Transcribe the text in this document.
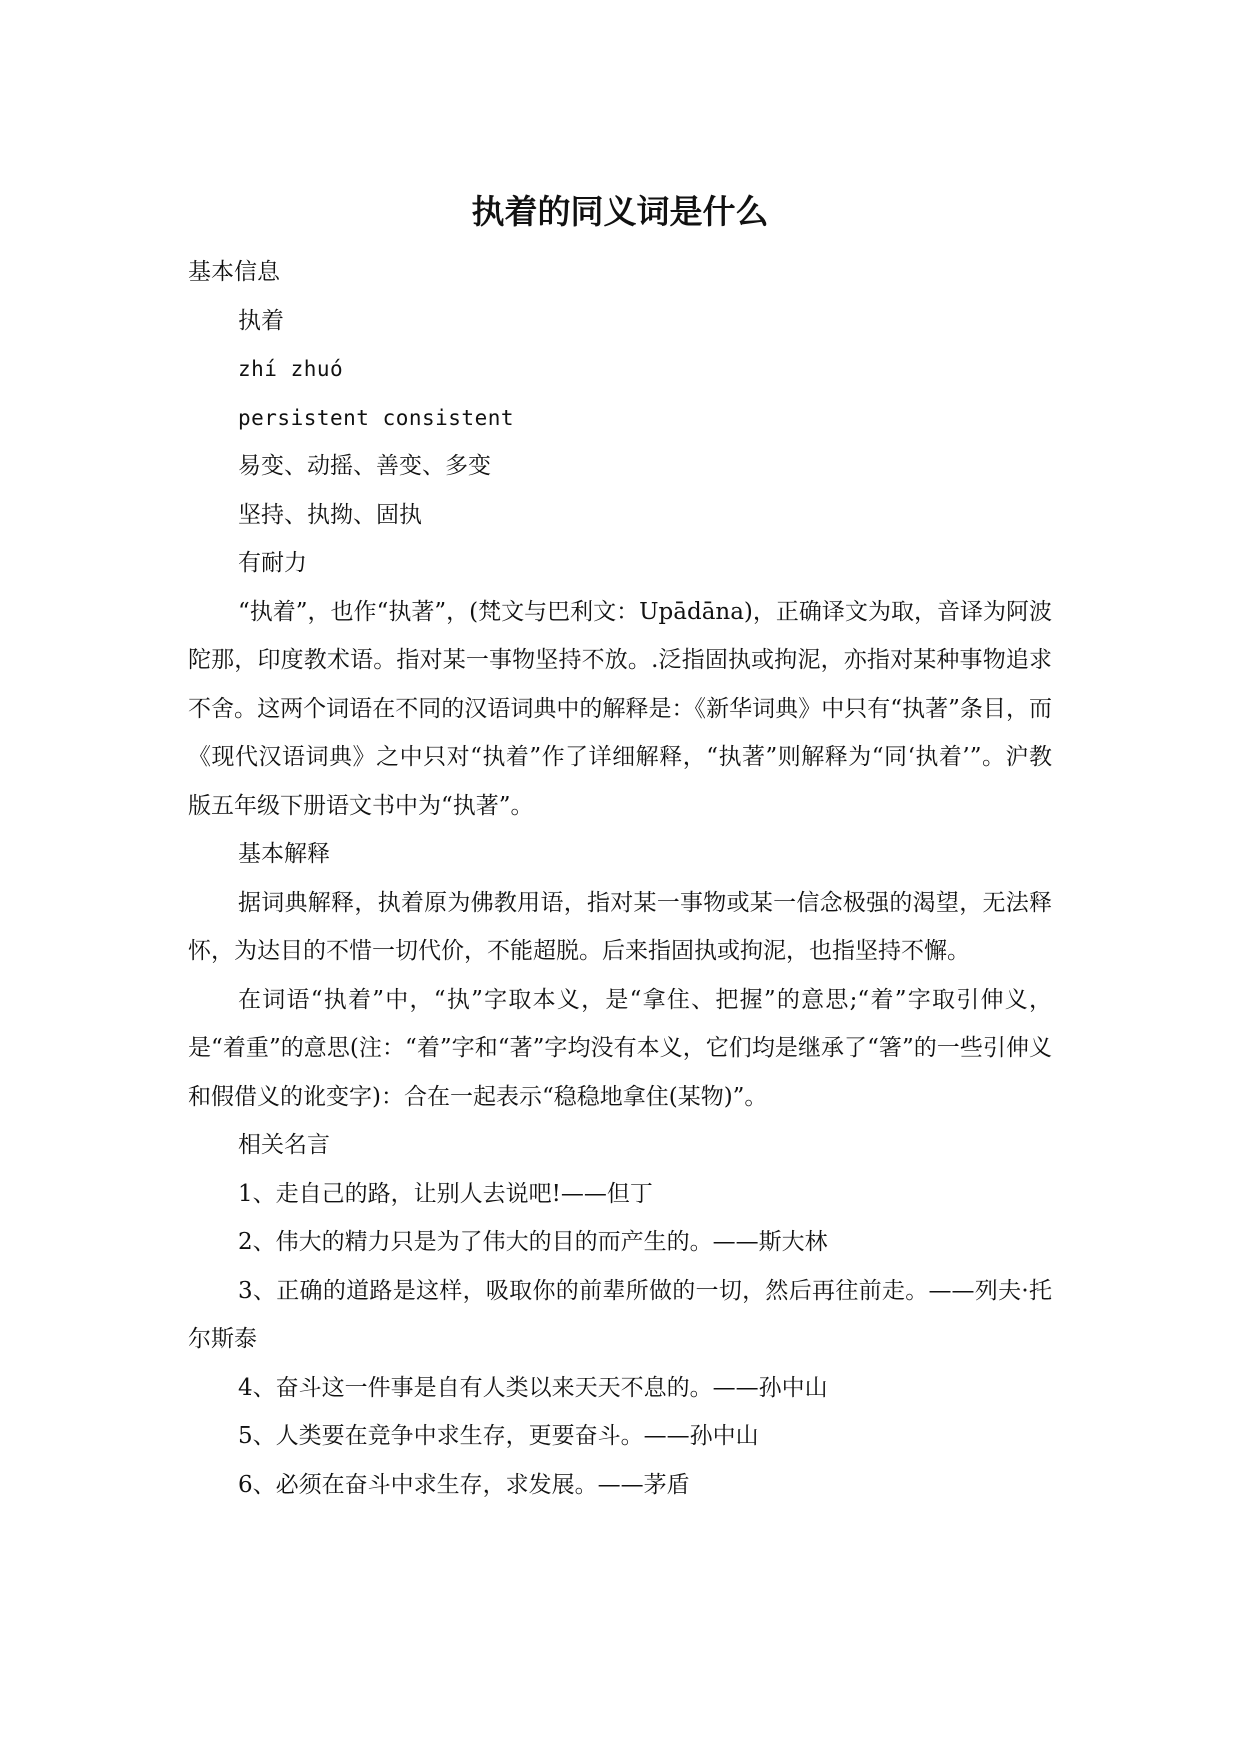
执着的同义词是什么

基本信息

执着

zhí zhuó

persistent consistent

易变、动摇、善变、多变

坚持、执拗、固执

有耐力

“执着”，也作“执著”，(梵文与巴利文：Upādāna)，正确译文为取，音译为阿波陀那，印度教术语。指对某一事物坚持不放。.泛指固执或拘泥，亦指对某种事物追求不舍。这两个词语在不同的汉语词典中的解释是：《新华词典》中只有“执著”条目，而《现代汉语词典》之中只对“执着”作了详细解释，“执著”则解释为“同‘执着’”。沪教版五年级下册语文书中为“执著”。

基本解释

据词典解释，执着原为佛教用语，指对某一事物或某一信念极强的渴望，无法释怀，为达目的不惜一切代价，不能超脱。后来指固执或拘泥，也指坚持不懈。

在词语“执着”中，“执”字取本义，是“拿住、把握”的意思;“着”字取引伸义，是“着重”的意思(注：“着”字和“著”字均没有本义，它们均是继承了“箸”的一些引伸义和假借义的讹变字)：合在一起表示“稳稳地拿住(某物)”。

相关名言

1、走自己的路，让别人去说吧!——但丁

2、伟大的精力只是为了伟大的目的而产生的。——斯大林

3、正确的道路是这样，吸取你的前辈所做的一切，然后再往前走。——列夫·托尔斯泰

4、奋斗这一件事是自有人类以来天天不息的。——孙中山

5、人类要在竞争中求生存，更要奋斗。——孙中山

6、必须在奋斗中求生存，求发展。——茅盾
